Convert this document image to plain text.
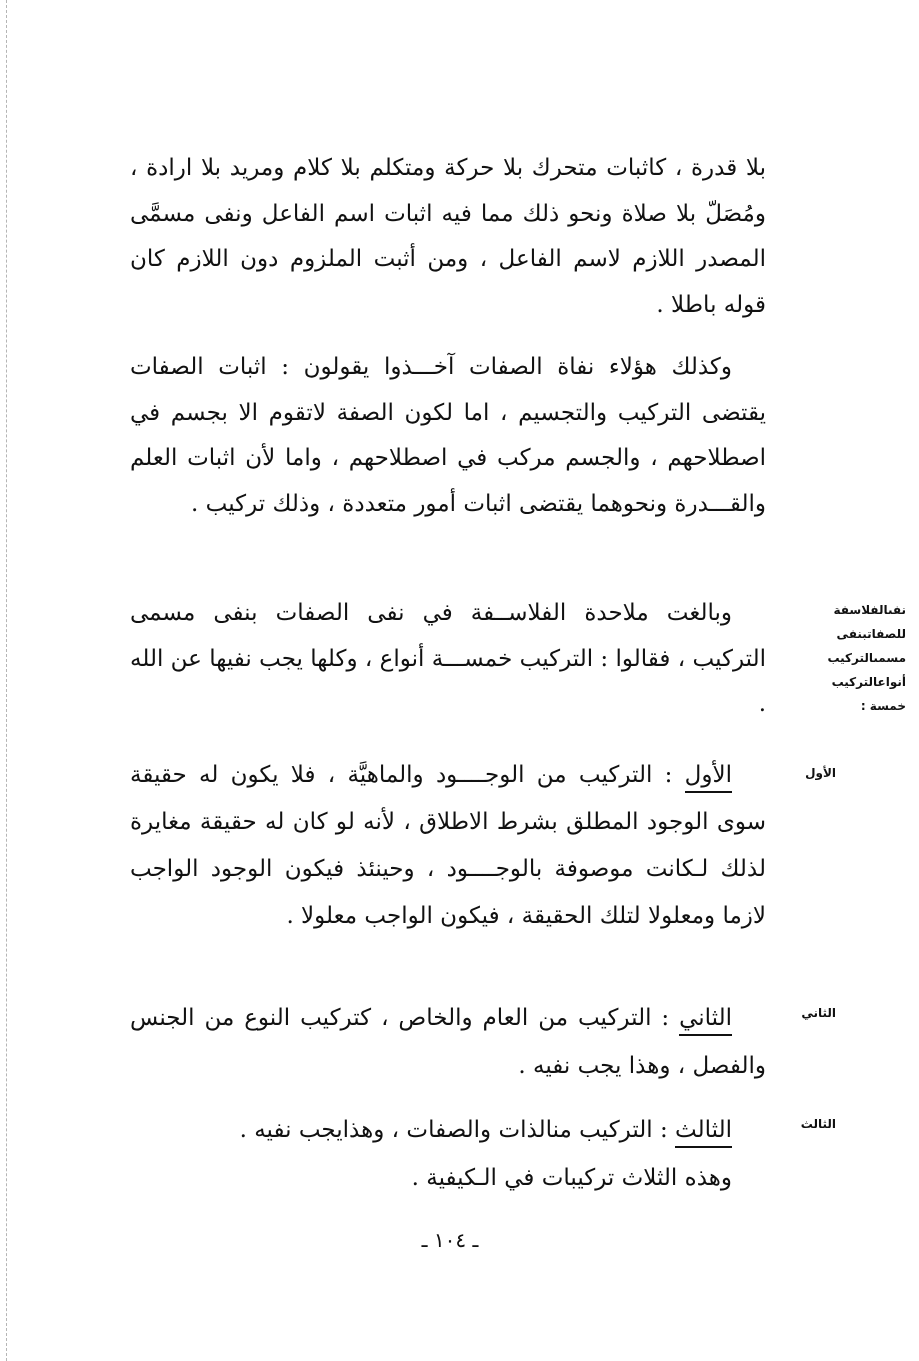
بلا قدرة ، كاثبات متحرك بلا حركة ومتكلم بلا كلام ومريد بلا ارادة ، ومُصَلّ بلا صلاة ونحو ذلك مما فيه اثبات اسم الفاعل ونفى مسمَّى المصدر اللازم لاسم الفاعل ، ومن أثبت الملزوم دون اللازم كان قوله باطلا .

وكذلك هؤلاء نفاة الصفات آخـــذوا يقولون : اثبات الصفات يقتضى التركيب والتجسيم ، اما لكون الصفة لاتقوم الا بجسم في اصطلاحهم ، والجسم مركب في اصطلاحهم ، واما لأن اثبات العلم والقـــدرة ونحوهما يقتضى اثبات أمور متعددة ، وذلك تركيب .

وبالغت ملاحدة الفلاســفة في نفى الصفات بنفى مسمى التركيب ، فقالوا : التركيب خمســـة أنواع ، وكلها يجب نفيها عن الله .

نفىالفلاسفة
للصفاتبنفى
مسمىالتركيب
أنواعالتركيب
خمسة :

الأول : التركيب من الوجــــود والماهيَّة ، فلا يكون له حقيقة سوى الوجود المطلق بشرط الاطلاق ، لأنه لو كان له حقيقة مغايرة لذلك لـكانت موصوفة بالوجــــود ، وحينئذ فيكون الوجود الواجب لازما ومعلولا لتلك الحقيقة ، فيكون الواجب معلولا .

الأول

الثاني : التركيب من العام والخاص ، كتركيب النوع من الجنس والفصل ، وهذا يجب نفيه .

الثاني

الثالث : التركيب منالذات والصفات ، وهذايجب نفيه .

وهذه الثلاث تركيبات في الـكيفية .

الثالث
ـ ١٠٤ ـ
